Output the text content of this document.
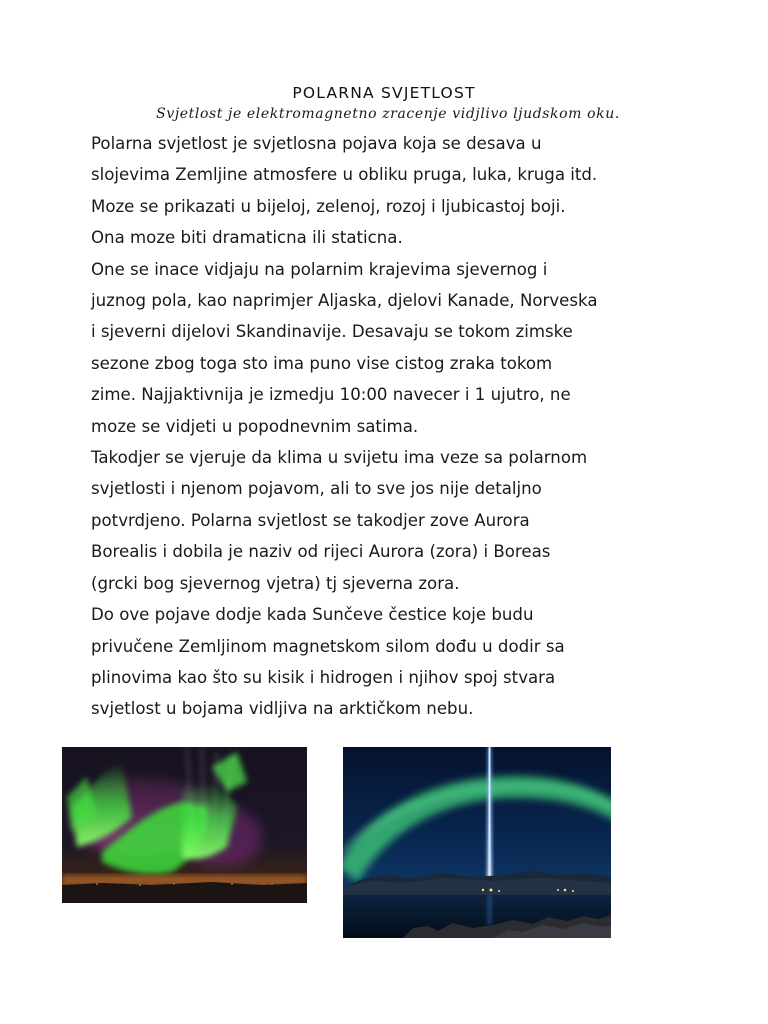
POLARNA SVJETLOST
Svjetlost je elektromagnetno zracenje vidjlivo ljudskom oku.
Polarna svjetlost je svjetlosna pojava koja se desava u
slojevima Zemljine atmosfere u obliku pruga, luka, kruga itd.
Moze se prikazati u bijeloj, zelenoj, rozoj i ljubicastoj boji.
Ona moze biti dramaticna ili staticna.
One se inace vidjaju na polarnim krajevima sjevernog i
juznog pola, kao naprimjer Aljaska, djelovi Kanade, Norveska
i sjeverni dijelovi Skandinavije. Desavaju se tokom zimske
sezone zbog toga sto ima puno vise cistog zraka tokom
zime. Najjaktivnija je izmedju 10:00 navecer i 1 ujutro, ne
moze se vidjeti u popodnevnim satima.
Takodjer se vjeruje da klima u svijetu ima veze sa polarnom
svjetlosti i njenom pojavom, ali to sve jos nije detaljno
potvrdjeno. Polarna svjetlost se takodjer zove Aurora
Borealis i dobila je naziv od rijeci Aurora (zora) i Boreas
(grcki bog sjevernog vjetra) tj sjeverna zora.
Do ove pojave dodje kada Sunčeve čestice koje budu
privučene Zemljinom magnetskom silom dođu u dodir sa
plinovima kao što su kisik i hidrogen i njihov spoj stvara
svjetlost u bojama vidljiva na arktičkom nebu.
